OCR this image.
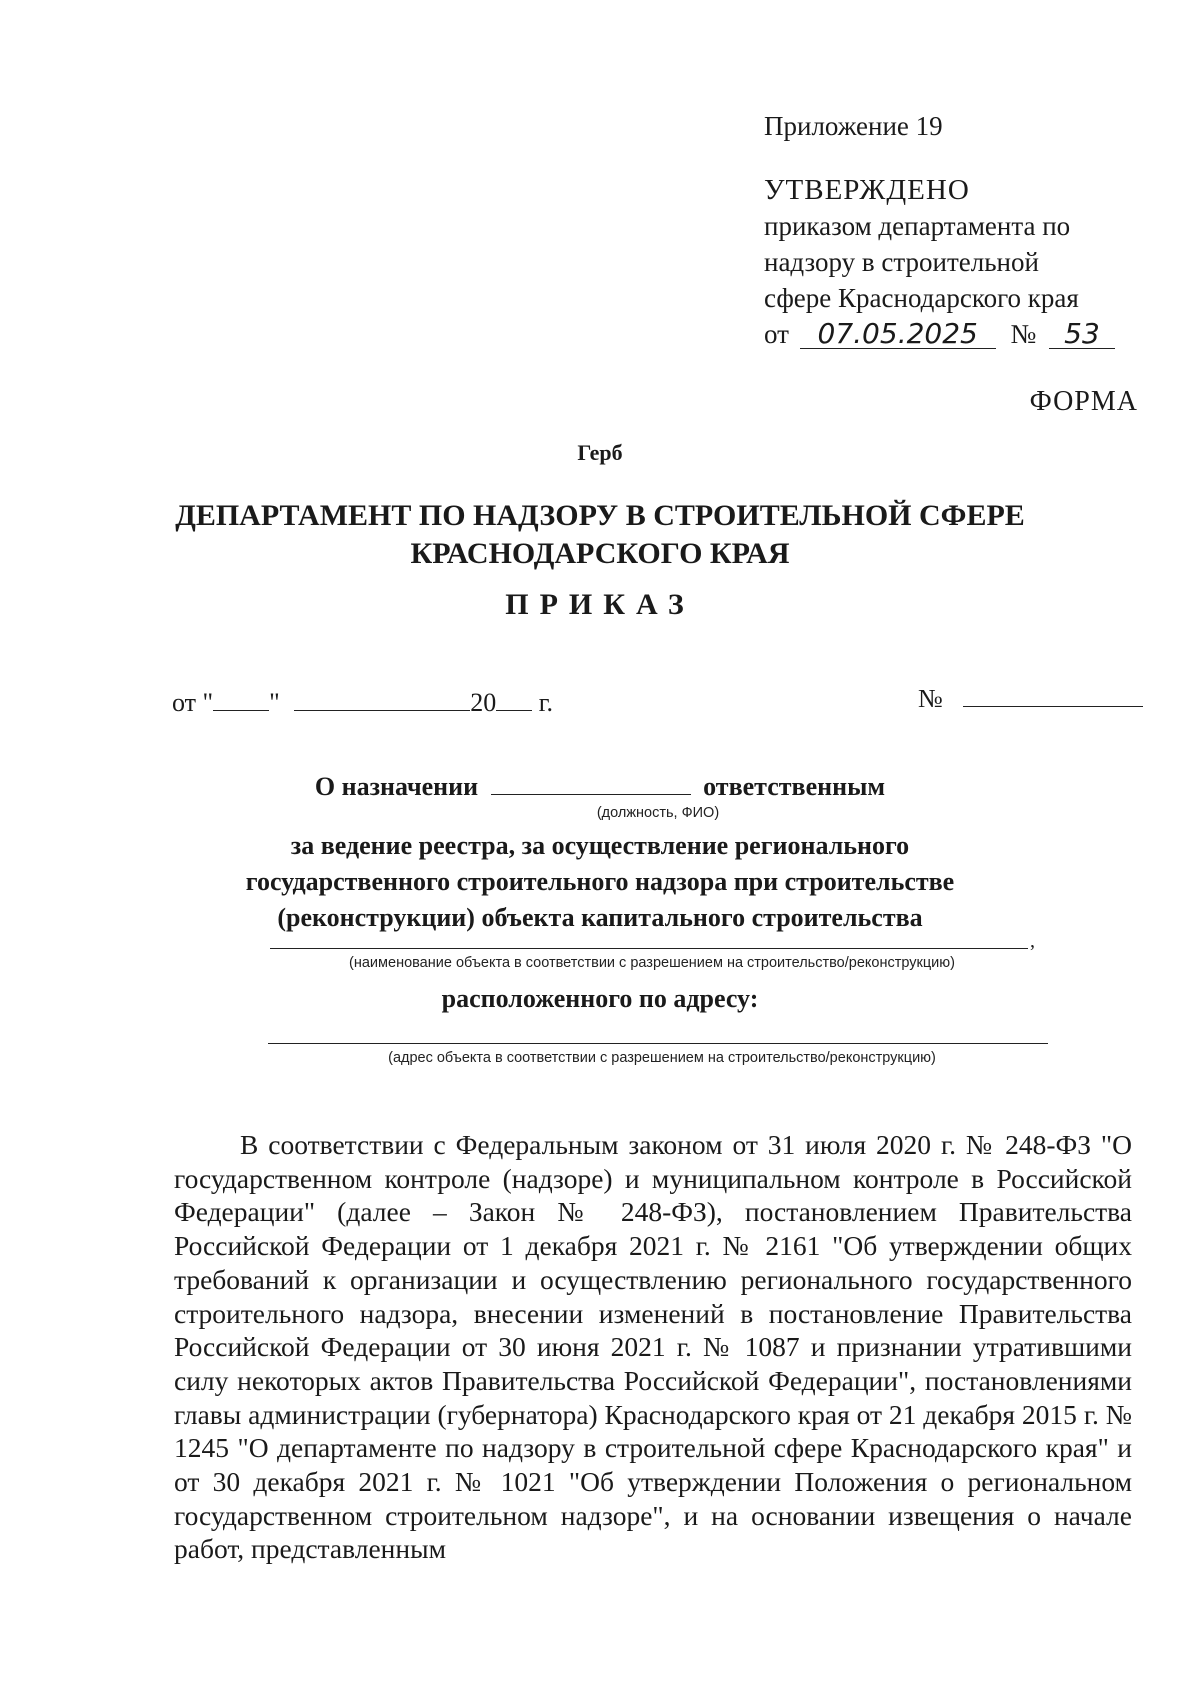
Приложение 19
УТВЕРЖДЕНО
приказом департамента по
надзору в строительной
сфере Краснодарского края
от 07.05.2025 № 53
ФОРМА
Герб
ДЕПАРТАМЕНТ ПО НАДЗОРУ В СТРОИТЕЛЬНОЙ СФЕРЕ
КРАСНОДАРСКОГО КРАЯ
ПРИКАЗ
от " "	20 г.	№
О назначении	ответственным
(должность, ФИО)
за ведение реестра, за осуществление регионального
государственного строительного надзора при строительстве
(реконструкции) объекта капитального строительства
,
(наименование объекта в соответствии с разрешением на строительство/реконструкцию)
расположенного по адресу:
(адрес объекта в соответствии с разрешением на строительство/реконструкцию)
В соответствии с Федеральным законом от 31 июля 2020 г. № 248-ФЗ "О государственном контроле (надзоре) и муниципальном контроле в Российской Федерации" (далее – Закон № 248-ФЗ), постановлением Правительства Российской Федерации от 1 декабря 2021 г. № 2161 "Об утверждении общих требований к организации и осуществлению регионального государственного строительного надзора, внесении изменений в постановление Правительства Российской Федерации от 30 июня 2021 г. № 1087 и признании утратившими силу некоторых актов Правительства Российской Федерации", постановлениями главы администрации (губернатора) Краснодарского края от 21 декабря 2015 г. № 1245 "О департаменте по надзору в строительной сфере Краснодарского края" и от 30 декабря 2021 г. № 1021 "Об утверждении Положения о региональном государственном строительном надзоре", и на основании извещения о начале работ, представленным
